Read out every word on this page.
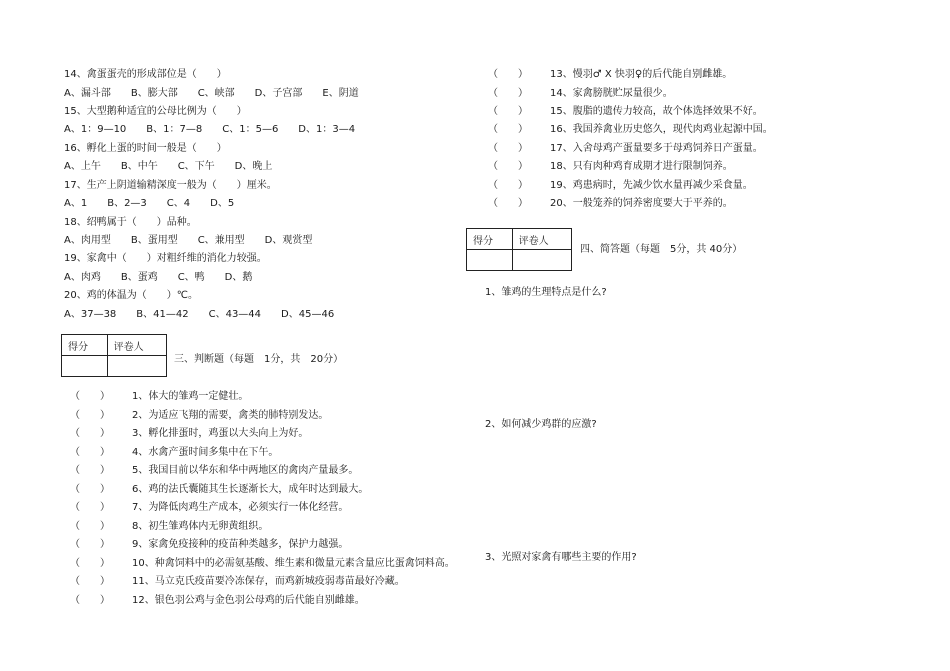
14、禽蛋蛋壳的形成部位是（　　）
A、漏斗部　　B、膨大部　　C、峡部　　D、子宫部　　E、阴道
15、大型鹅种适宜的公母比例为（　　）
A、1：9—10　　B、1：7—8　　C、1：5—6　　D、1：3—4
16、孵化上蛋的时间一般是（　　）
A、上午　　B、中午　　C、下午　　D、晚上
17、生产上阴道输精深度一般为（　　）厘米。
A、1　　B、2—3　　C、4　　D、5
18、绍鸭属于（　　）品种。
A、肉用型　　B、蛋用型　　C、兼用型　　D、观赏型
19、家禽中（　　）对粗纤维的消化力较强。
A、肉鸡　　B、蛋鸡　　C、鸭　　D、鹅
20、鸡的体温为（　　）℃。
A、37—38　　B、41—42　　C、43—44　　D、45—46
得分	评卷人

三、判断题（每题　1分，共　20分）
（　　） 1、体大的雏鸡一定健壮。
（　　） 2、为适应飞翔的需要，禽类的肺特别发达。
（　　） 3、孵化排蛋时，鸡蛋以大头向上为好。
（　　） 4、水禽产蛋时间多集中在下午。
（　　） 5、我国目前以华东和华中两地区的禽肉产量最多。
（　　） 6、鸡的法氏囊随其生长逐渐长大，成年时达到最大。
（　　） 7、为降低肉鸡生产成本，必须实行一体化经营。
（　　） 8、初生雏鸡体内无卵黄组织。
（　　） 9、家禽免疫接种的疫苗种类越多，保护力越强。
（　　） 10、种禽饲料中的必需氨基酸、维生素和微量元素含量应比蛋禽饲料高。
（　　） 11、马立克氏疫苗要冷冻保存，而鸡新城疫弱毒苗最好冷藏。
（　　） 12、银色羽公鸡与金色羽公母鸡的后代能自别雌雄。
（　　） 13、慢羽♂ X 快羽♀的后代能自别雌雄。
（　　） 14、家禽膀胱贮尿量很少。
（　　） 15、腹脂的遗传力较高，故个体选择效果不好。
（　　） 16、我国养禽业历史悠久，现代肉鸡业起源中国。
（　　） 17、入舍母鸡产蛋量要多于母鸡饲养日产蛋量。
（　　） 18、只有肉种鸡育成期才进行限制饲养。
（　　） 19、鸡患病时，先减少饮水量再减少采食量。
（　　） 20、一般笼养的饲养密度要大于平养的。
得分	评卷人

四、简答题（每题　5分，共 40分）
1、雏鸡的生理特点是什么?
2、如何减少鸡群的应激?
3、光照对家禽有哪些主要的作用?
